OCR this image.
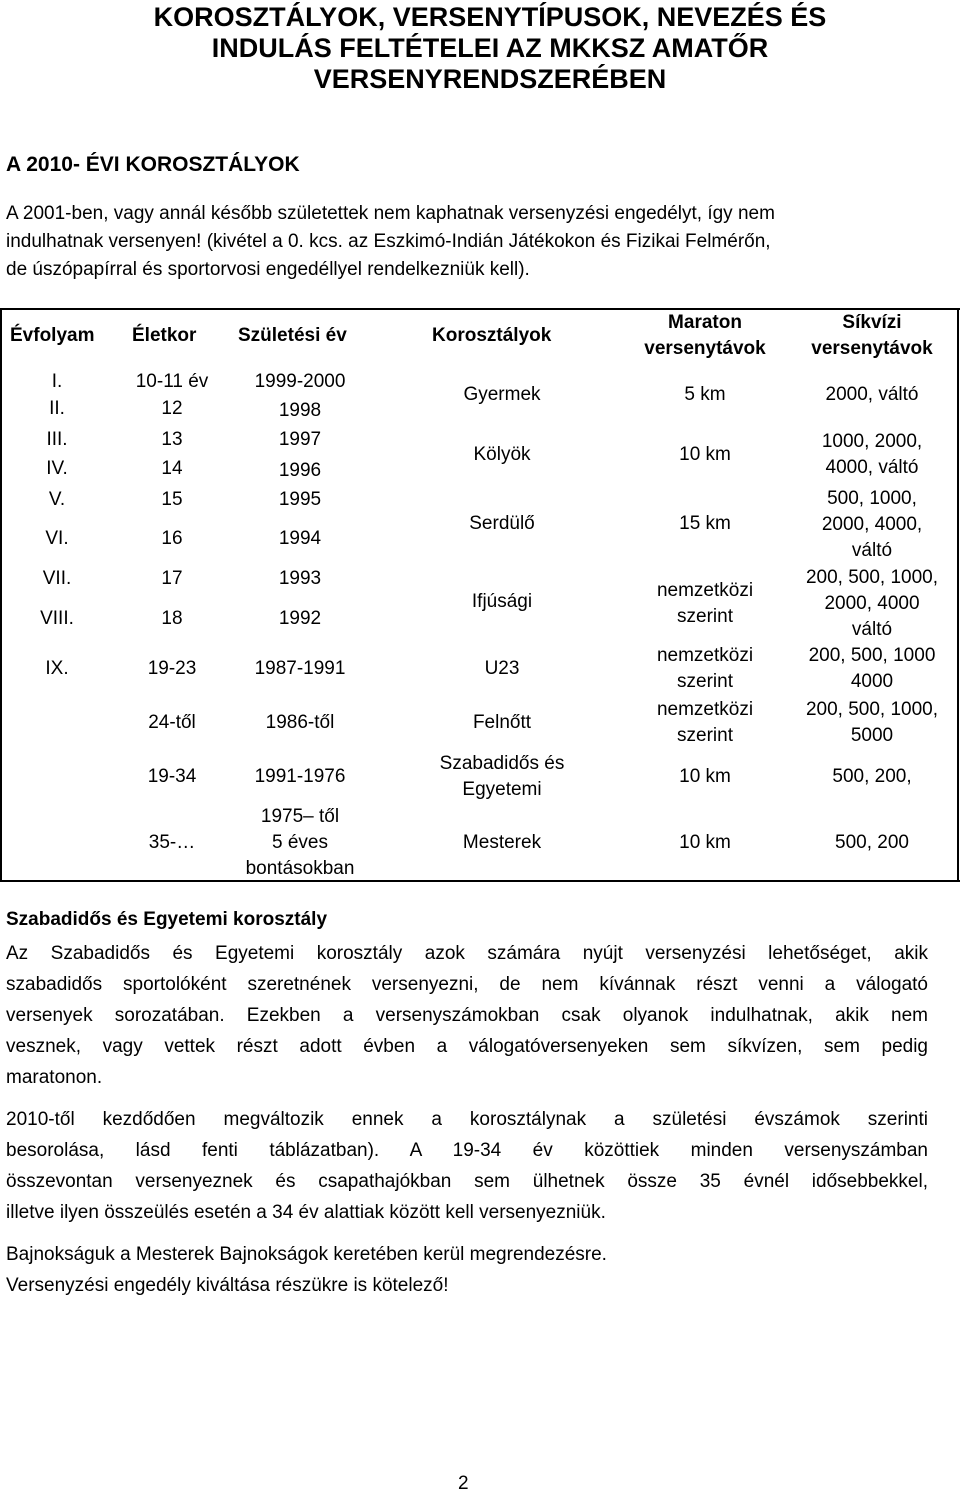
KOROSZTÁLYOK, VERSENYTÍPUSOK, NEVEZÉS ÉS
INDULÁS FELTÉTELEI AZ MKKSZ AMATŐR
VERSENYRENDSZERÉBEN
A 2010- ÉVI KOROSZTÁLYOK
A 2001-ben, vagy annál később születettek nem kaphatnak versenyzési engedélyt, így nem
indulhatnak versenyen! (kivétel a 0. kcs. az Eszkimó-Indián Játékokon és Fizikai Felmérőn,
de úszópapírral és sportorvosi engedéllyel rendelkezniük kell).
Évfolyam Életkor Születési év	Korosztályok
Maraton
versenytávok
Síkvízi
versenytávok
I.
II.
III.
IV.
V.
VI.
VII.
VIII.
IX.
10-11 év
12
13
14
15
16
17
18
19-23
24-től
19-34
35-…
1999-2000
1998
1997
1996
1995
1994
1993
1992
1987-1991
1986-től
1991-1976
1975– től
5 éves
bontásokban
Gyermek
Kölyök
Serdülő
Ifjúsági
U23
Felnőtt
Szabadidős és
Egyetemi
Mesterek
5 km
10 km
15 km
nemzetközi
szerint
nemzetközi
szerint
nemzetközi
szerint
10 km
10 km
2000, váltó
1000, 2000,
4000, váltó
500, 1000,
2000, 4000,
váltó
200, 500, 1000,
2000, 4000
váltó
200, 500, 1000
4000
200, 500, 1000,
5000
500, 200,
500, 200
Szabadidős és Egyetemi korosztály
Az Szabadidős és Egyetemi korosztály azok számára nyújt versenyzési lehetőséget, akik
szabadidős sportolóként szeretnének versenyezni, de nem kívánnak részt venni a válogató
versenyek sorozatában. Ezekben a versenyszámokban csak olyanok indulhatnak, akik nem
vesznek, vagy vettek részt adott évben a válogatóversenyeken sem síkvízen, sem pedig
maratonon.
2010-től kezdődően megváltozik ennek a korosztálynak a születési évszámok szerinti
besorolása, lásd fenti táblázatban). A 19-34 év közöttiek minden versenyszámban
összevontan versenyeznek és csapathajókban sem ülhetnek össze 35 évnél idősebbekkel,
illetve ilyen összeülés esetén a 34 év alattiak között kell versenyezniük.
Bajnokságuk a Mesterek Bajnokságok keretében kerül megrendezésre.
Versenyzési engedély kiváltása részükre is kötelező!
2
